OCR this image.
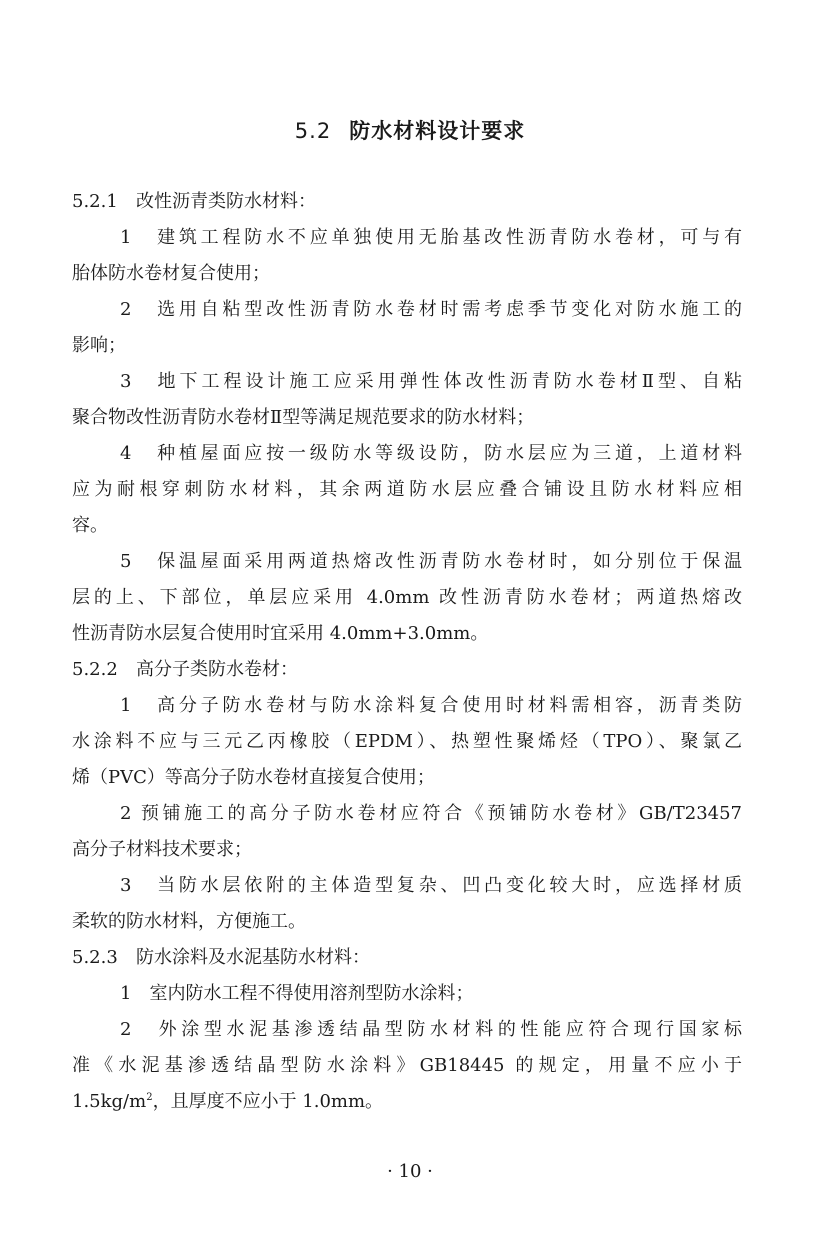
5.2 防水材料设计要求

5.2.1 改性沥青类防水材料：

1　建筑工程防水不应单独使用无胎基改性沥青防水卷材，可与有
胎体防水卷材复合使用；
2　选用自粘型改性沥青防水卷材时需考虑季节变化对防水施工的
影响；
3　地下工程设计施工应采用弹性体改性沥青防水卷材Ⅱ型、自粘
聚合物改性沥青防水卷材Ⅱ型等满足规范要求的防水材料；
4　种植屋面应按一级防水等级设防，防水层应为三道，上道材料
应为耐根穿刺防水材料，其余两道防水层应叠合铺设且防水材料应相
容。
5　保温屋面采用两道热熔改性沥青防水卷材时，如分别位于保温
层的上、下部位，单层应采用 4.0mm 改性沥青防水卷材；两道热熔改
性沥青防水层复合使用时宜采用 4.0mm+3.0mm。

5.2.2 高分子类防水卷材：

1　高分子防水卷材与防水涂料复合使用时材料需相容，沥青类防
水涂料不应与三元乙丙橡胶（EPDM）、热塑性聚烯烃（TPO）、聚氯乙
烯（PVC）等高分子防水卷材直接复合使用；
2 预铺施工的高分子防水卷材应符合《预铺防水卷材》GB/T23457
高分子材料技术要求；
3　当防水层依附的主体造型复杂、凹凸变化较大时，应选择材质
柔软的防水材料，方便施工。

5.2.3 防水涂料及水泥基防水材料：

1　室内防水工程不得使用溶剂型防水涂料；
2　外涂型水泥基渗透结晶型防水材料的性能应符合现行国家标
准《水泥基渗透结晶型防水涂料》GB18445 的规定，用量不应小于
$1.5kg/m^2$，且厚度不应小于 1.0mm。
· 10 ·
